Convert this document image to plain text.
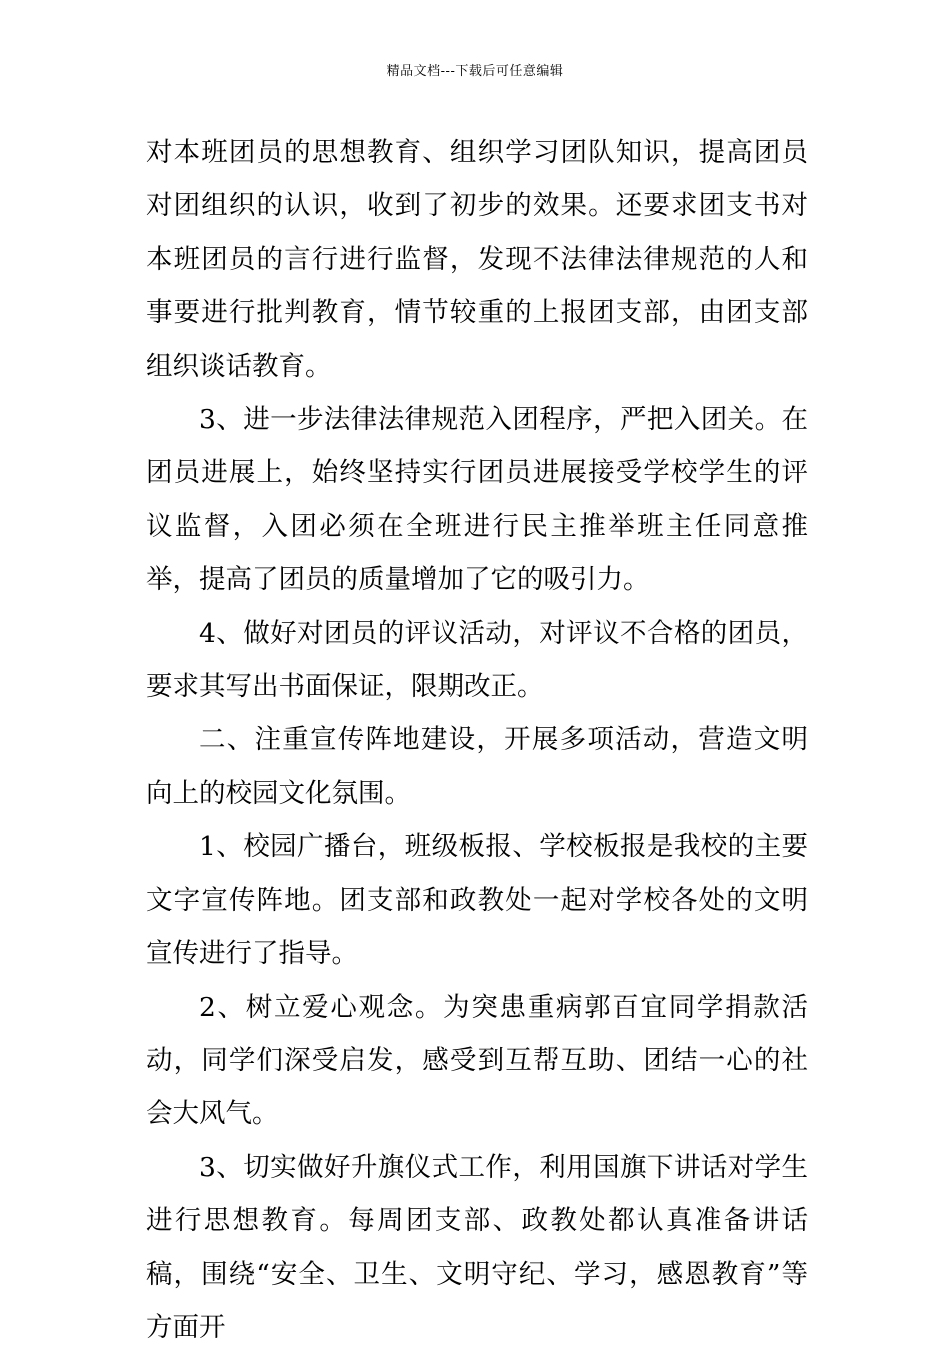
精品文档---下载后可任意编辑

对本班团员的思想教育、组织学习团队知识，提高团员对团组织的认识，收到了初步的效果。还要求团支书对本班团员的言行进行监督，发现不法律法律规范的人和事要进行批判教育，情节较重的上报团支部，由团支部组织谈话教育。

3、进一步法律法律规范入团程序，严把入团关。在团员进展上，始终坚持实行团员进展接受学校学生的评议监督，入团必须在全班进行民主推举班主任同意推举，提高了团员的质量增加了它的吸引力。

4、做好对团员的评议活动，对评议不合格的团员，要求其写出书面保证，限期改正。

二、注重宣传阵地建设，开展多项活动，营造文明向上的校园文化氛围。

1、校园广播台，班级板报、学校板报是我校的主要文字宣传阵地。团支部和政教处一起对学校各处的文明宣传进行了指导。

2、树立爱心观念。为突患重病郭百宜同学捐款活动，同学们深受启发，感受到互帮互助、团结一心的社会大风气。

3、切实做好升旗仪式工作，利用国旗下讲话对学生进行思想教育。每周团支部、政教处都认真准备讲话稿，围绕“安全、卫生、文明守纪、学习，感恩教育”等方面开
